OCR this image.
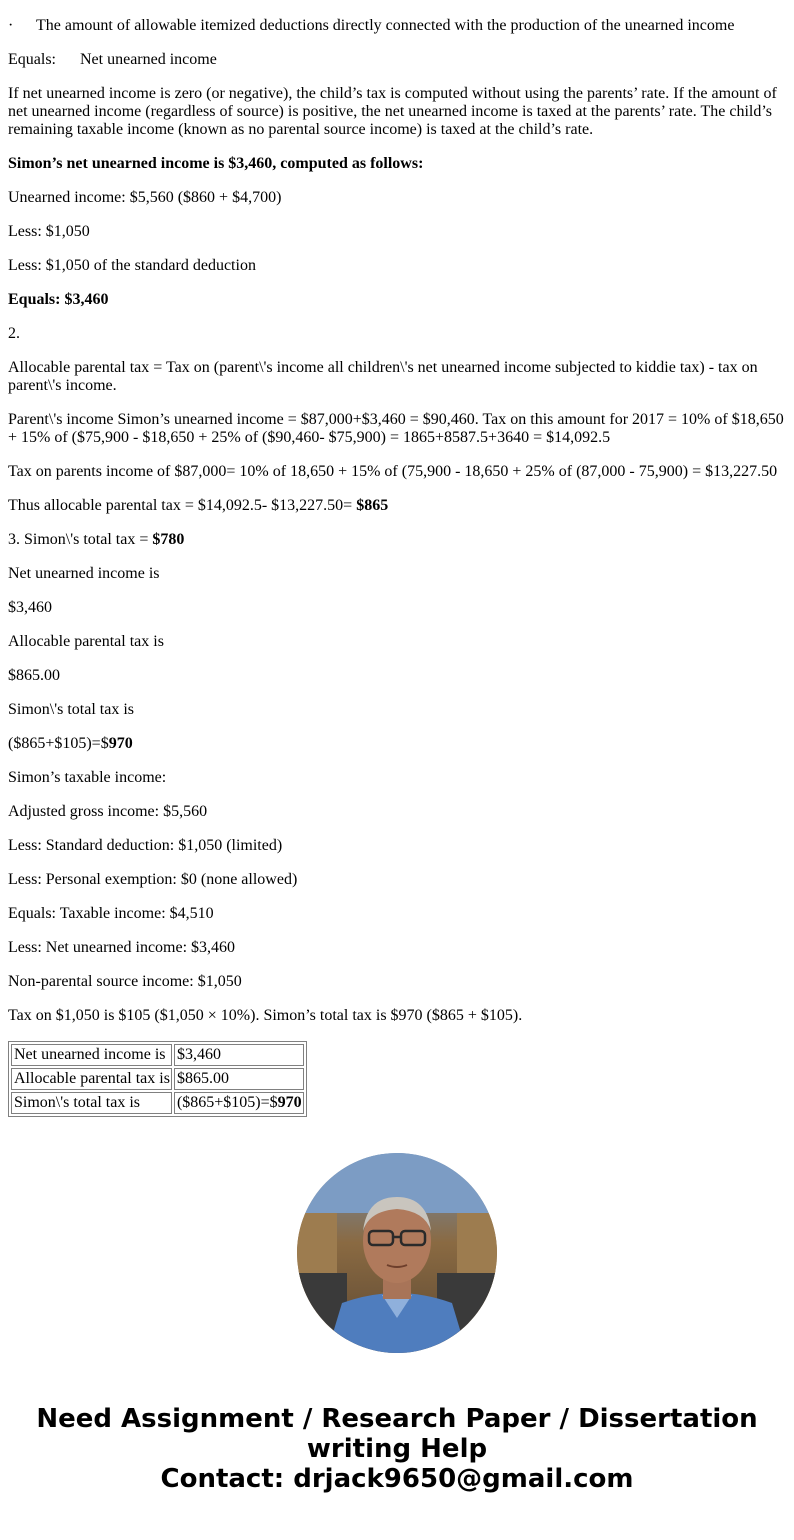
·	The amount of allowable itemized deductions directly connected with the production of the unearned income

Equals:	Net unearned income

If net unearned income is zero (or negative), the child’s tax is computed without using the parents’ rate. If the amount of net unearned income (regardless of source) is positive, the net unearned income is taxed at the parents’ rate. The child’s remaining taxable income (known as no parental source income) is taxed at the child’s rate.

Simon’s net unearned income is $3,460, computed as follows:

Unearned income: $5,560 ($860 + $4,700)

Less: $1,050

Less: $1,050 of the standard deduction

Equals: $3,460

2.

Allocable parental tax = Tax on (parent\'s income all children\'s net unearned income subjected to kiddie tax) - tax on parent\'s income.

Parent\'s income Simon’s unearned income = $87,000+$3,460 = $90,460. Tax on this amount for 2017 = 10% of $18,650 + 15% of ($75,900 - $18,650 + 25% of ($90,460- $75,900) = 1865+8587.5+3640 = $14,092.5

Tax on parents income of $87,000= 10% of 18,650 + 15% of (75,900 - 18,650 + 25% of (87,000 - 75,900) = $13,227.50

Thus allocable parental tax = $14,092.5- $13,227.50= $865

3. Simon\'s total tax = $780

Net unearned income is

$3,460

Allocable parental tax is

$865.00

Simon\'s total tax is

($865+$105)=$970

Simon’s taxable income:

Adjusted gross income: $5,560

Less: Standard deduction: $1,050 (limited)

Less: Personal exemption: $0 (none allowed)

Equals: Taxable income: $4,510

Less: Net unearned income: $3,460

Non-parental source income: $1,050

Tax on $1,050 is $105 ($1,050 × 10%). Simon’s total tax is $970 ($865 + $105).

Net unearned income is	$3,460
Allocable parental tax is	$865.00
Simon\'s total tax is	($865+$105)=$970
Need Assignment / Research Paper / Dissertation
writing Help
Contact: drjack9650@gmail.com
